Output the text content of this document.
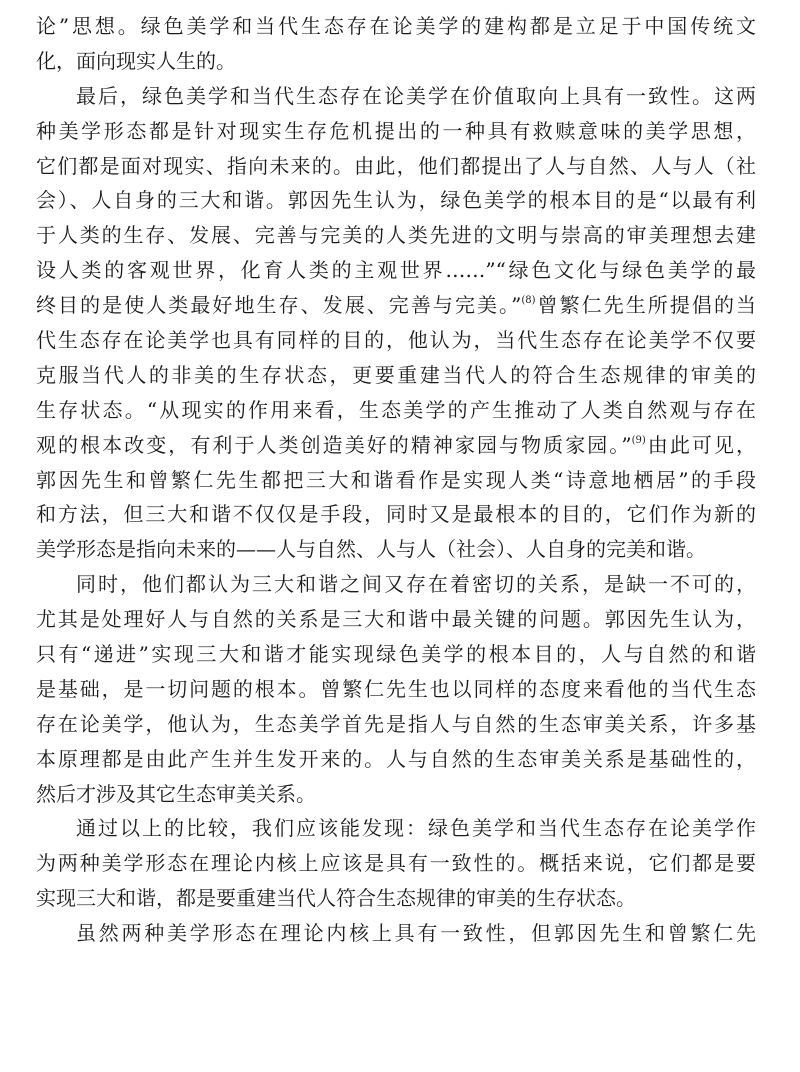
论”思想。绿色美学和当代生态存在论美学的建构都是立足于中国传统文
化，面向现实人生的。
最后，绿色美学和当代生态存在论美学在价值取向上具有一致性。这两
种美学形态都是针对现实生存危机提出的一种具有救赎意味的美学思想，
它们都是面对现实、指向未来的。由此，他们都提出了人与自然、人与人（社
会）、人自身的三大和谐。郭因先生认为，绿色美学的根本目的是“以最有利
于人类的生存、发展、完善与完美的人类先进的文明与崇高的审美理想去建
设人类的客观世界，化育人类的主观世界……”“绿色文化与绿色美学的最
终目的是使人类最好地生存、发展、完善与完美。”$^{(8)}$曾繁仁先生所提倡的当
代生态存在论美学也具有同样的目的，他认为，当代生态存在论美学不仅要
克服当代人的非美的生存状态，更要重建当代人的符合生态规律的审美的
生存状态。“从现实的作用来看，生态美学的产生推动了人类自然观与存在
观的根本改变，有利于人类创造美好的精神家园与物质家园。”$^{(9)}$由此可见，
郭因先生和曾繁仁先生都把三大和谐看作是实现人类“诗意地栖居”的手段
和方法，但三大和谐不仅仅是手段，同时又是最根本的目的，它们作为新的
美学形态是指向未来的——人与自然、人与人（社会）、人自身的完美和谐。
同时，他们都认为三大和谐之间又存在着密切的关系，是缺一不可的，
尤其是处理好人与自然的关系是三大和谐中最关键的问题。郭因先生认为，
只有“递进”实现三大和谐才能实现绿色美学的根本目的，人与自然的和谐
是基础，是一切问题的根本。曾繁仁先生也以同样的态度来看他的当代生态
存在论美学，他认为，生态美学首先是指人与自然的生态审美关系，许多基
本原理都是由此产生并生发开来的。人与自然的生态审美关系是基础性的，
然后才涉及其它生态审美关系。
通过以上的比较，我们应该能发现：绿色美学和当代生态存在论美学作
为两种美学形态在理论内核上应该是具有一致性的。概括来说，它们都是要
实现三大和谐，都是要重建当代人符合生态规律的审美的生存状态。
虽然两种美学形态在理论内核上具有一致性，但郭因先生和曾繁仁先
